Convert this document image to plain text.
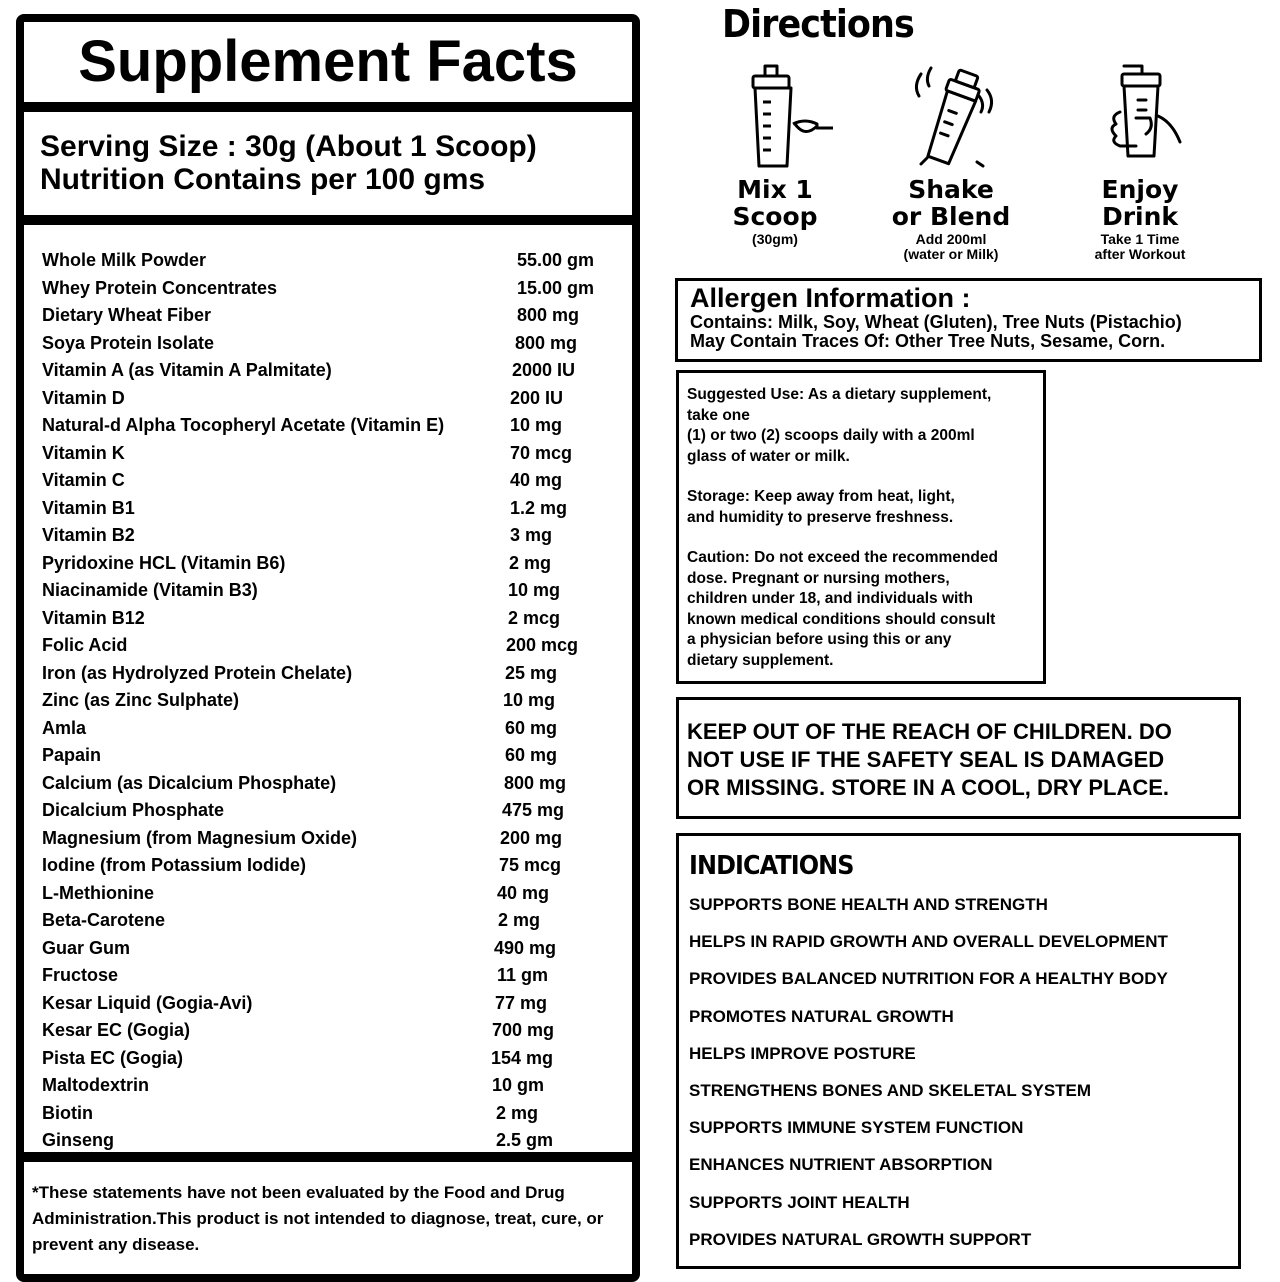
Supplement Facts
Serving Size : 30g (About 1 Scoop)
Nutrition Contains per 100 gms
Whole Milk Powder	55.00 gm
Whey Protein Concentrates	15.00 gm
Dietary Wheat Fiber	800 mg
Soya Protein Isolate	800 mg
Vitamin A (as Vitamin A Palmitate)	2000 IU
Vitamin D	200 IU
Natural-d Alpha Tocopheryl Acetate (Vitamin E)	10 mg
Vitamin K	70 mcg
Vitamin C	40 mg
Vitamin B1	1.2 mg
Vitamin B2	3 mg
Pyridoxine HCL (Vitamin B6)	2 mg
Niacinamide (Vitamin B3)	10 mg
Vitamin B12	2 mcg
Folic Acid	200 mcg
Iron (as Hydrolyzed Protein Chelate)	25 mg
Zinc (as Zinc Sulphate)	10 mg
Amla	60 mg
Papain	60 mg
Calcium (as Dicalcium Phosphate)	800 mg
Dicalcium Phosphate	475 mg
Magnesium (from Magnesium Oxide)	200 mg
Iodine (from Potassium Iodide)	75 mcg
L-Methionine	40 mg
Beta-Carotene	2 mg
Guar Gum	490 mg
Fructose	11 gm
Kesar Liquid (Gogia-Avi)	77 mg
Kesar EC (Gogia)	700 mg
Pista EC (Gogia)	154 mg
Maltodextrin	10 gm
Biotin	2 mg
Ginseng	2.5 gm
*These statements have not been evaluated by the Food and Drug Administration.This product is not intended to diagnose, treat, cure, or prevent any disease.
Directions
Mix 1
Scoop
(30gm)
Shake
or Blend
Add 200ml
(water or Milk)
Enjoy
Drink
Take 1 Time
after Workout
Allergen Information :
Contains: Milk, Soy, Wheat (Gluten), Tree Nuts (Pistachio)
May Contain Traces Of: Other Tree Nuts, Sesame, Corn.

Suggested Use: As a dietary supplement,
take one
(1) or two (2) scoops daily with a 200ml
glass of water or milk.

Storage: Keep away from heat, light,
and humidity to preserve freshness.

Caution: Do not exceed the recommended
dose. Pregnant or nursing mothers,
children under 18, and individuals with
known medical conditions should consult
a physician before using this or any
dietary supplement.

KEEP OUT OF THE REACH OF CHILDREN. DO
NOT USE IF THE SAFETY SEAL IS DAMAGED
OR MISSING. STORE IN A COOL, DRY PLACE.
INDICATIONS
SUPPORTS BONE HEALTH AND STRENGTH
HELPS IN RAPID GROWTH AND OVERALL DEVELOPMENT
PROVIDES BALANCED NUTRITION FOR A HEALTHY BODY
PROMOTES NATURAL GROWTH
HELPS IMPROVE POSTURE
STRENGTHENS BONES AND SKELETAL SYSTEM
SUPPORTS IMMUNE SYSTEM FUNCTION
ENHANCES NUTRIENT ABSORPTION
SUPPORTS JOINT HEALTH
PROVIDES NATURAL GROWTH SUPPORT
